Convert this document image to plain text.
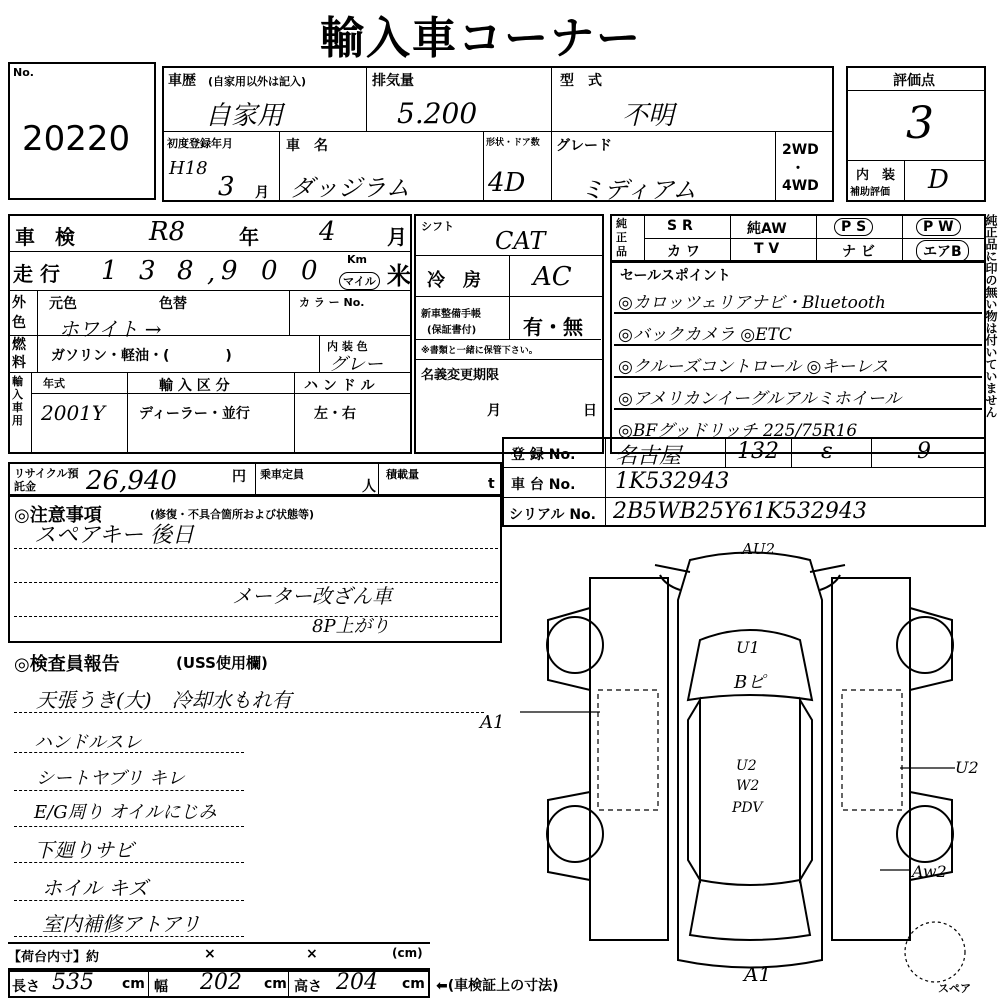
輸入車コーナー
No.
20220
車歴 (自家用以外は記入)
自家用
排気量
5.200
型　式
不明
初度登録年月
H18
3 月
車　名
ダッジラム
形状・ドア数
4D
グレード
ミディアム
2WD
・
4WD
評価点
3
内　装
補助評価 D
車　検	R8	年 4	月
走 行 1 3 8 , 9 0 0	Km
マイル 米
外色
元色	色替	カ ラ ー No.
ホワイト →
燃料 ガソリン・軽油・(　　　　)
内 装 色
グレー
輸入車用
年式
2001Y
輸 入 区 分
ディーラー・並行
ハ ン ド ル
左・右
シフト
CAT
冷　房 AC
新車整備手帳
(保証書付) 有・無
※書類と一緒に保管下さい。
名義変更期限
月	日
純正品
S R	純AW	P S	P W
カ ワ	T V	ナ ビ	エアB
セールスポイント
◎カロッツェリアナビ・Bluetooth
◎バックカメラ ◎ETC
◎クルーズコントロール ◎キーレス
◎アメリカンイーグルアルミホイール
◎BFグッドリッチ 225/75R16
純正品に印の無い物は付いていません
リサイクル預託金	26,940	円 乗車定員
人
積載量
t
登 録 No. 名古屋	132 ε	9
車 台 No. 1K532943
シリアル No. 2B5WB25Y61K532943
◎注意事項	(修復・不具合箇所および状態等)
スペアキー 後日
メーター改ざん車
8P上がり
◎検査員報告	(USS使用欄)
天張うき(大)　冷却水もれ有
ハンドルスレ
シートヤブリ キレ
E/G周り オイルにじみ
下廻りサビ
ホイル キズ
室内補修アトアリ
AU2
U1
Bピ
U2
W2
PDV
A1
U2
Aw2
A1
スペア
【荷台内寸】約	×	×	(cm)
長さ 535 cm 幅 202 cm 高さ 204 cm ⬅(車検証上の寸法)
